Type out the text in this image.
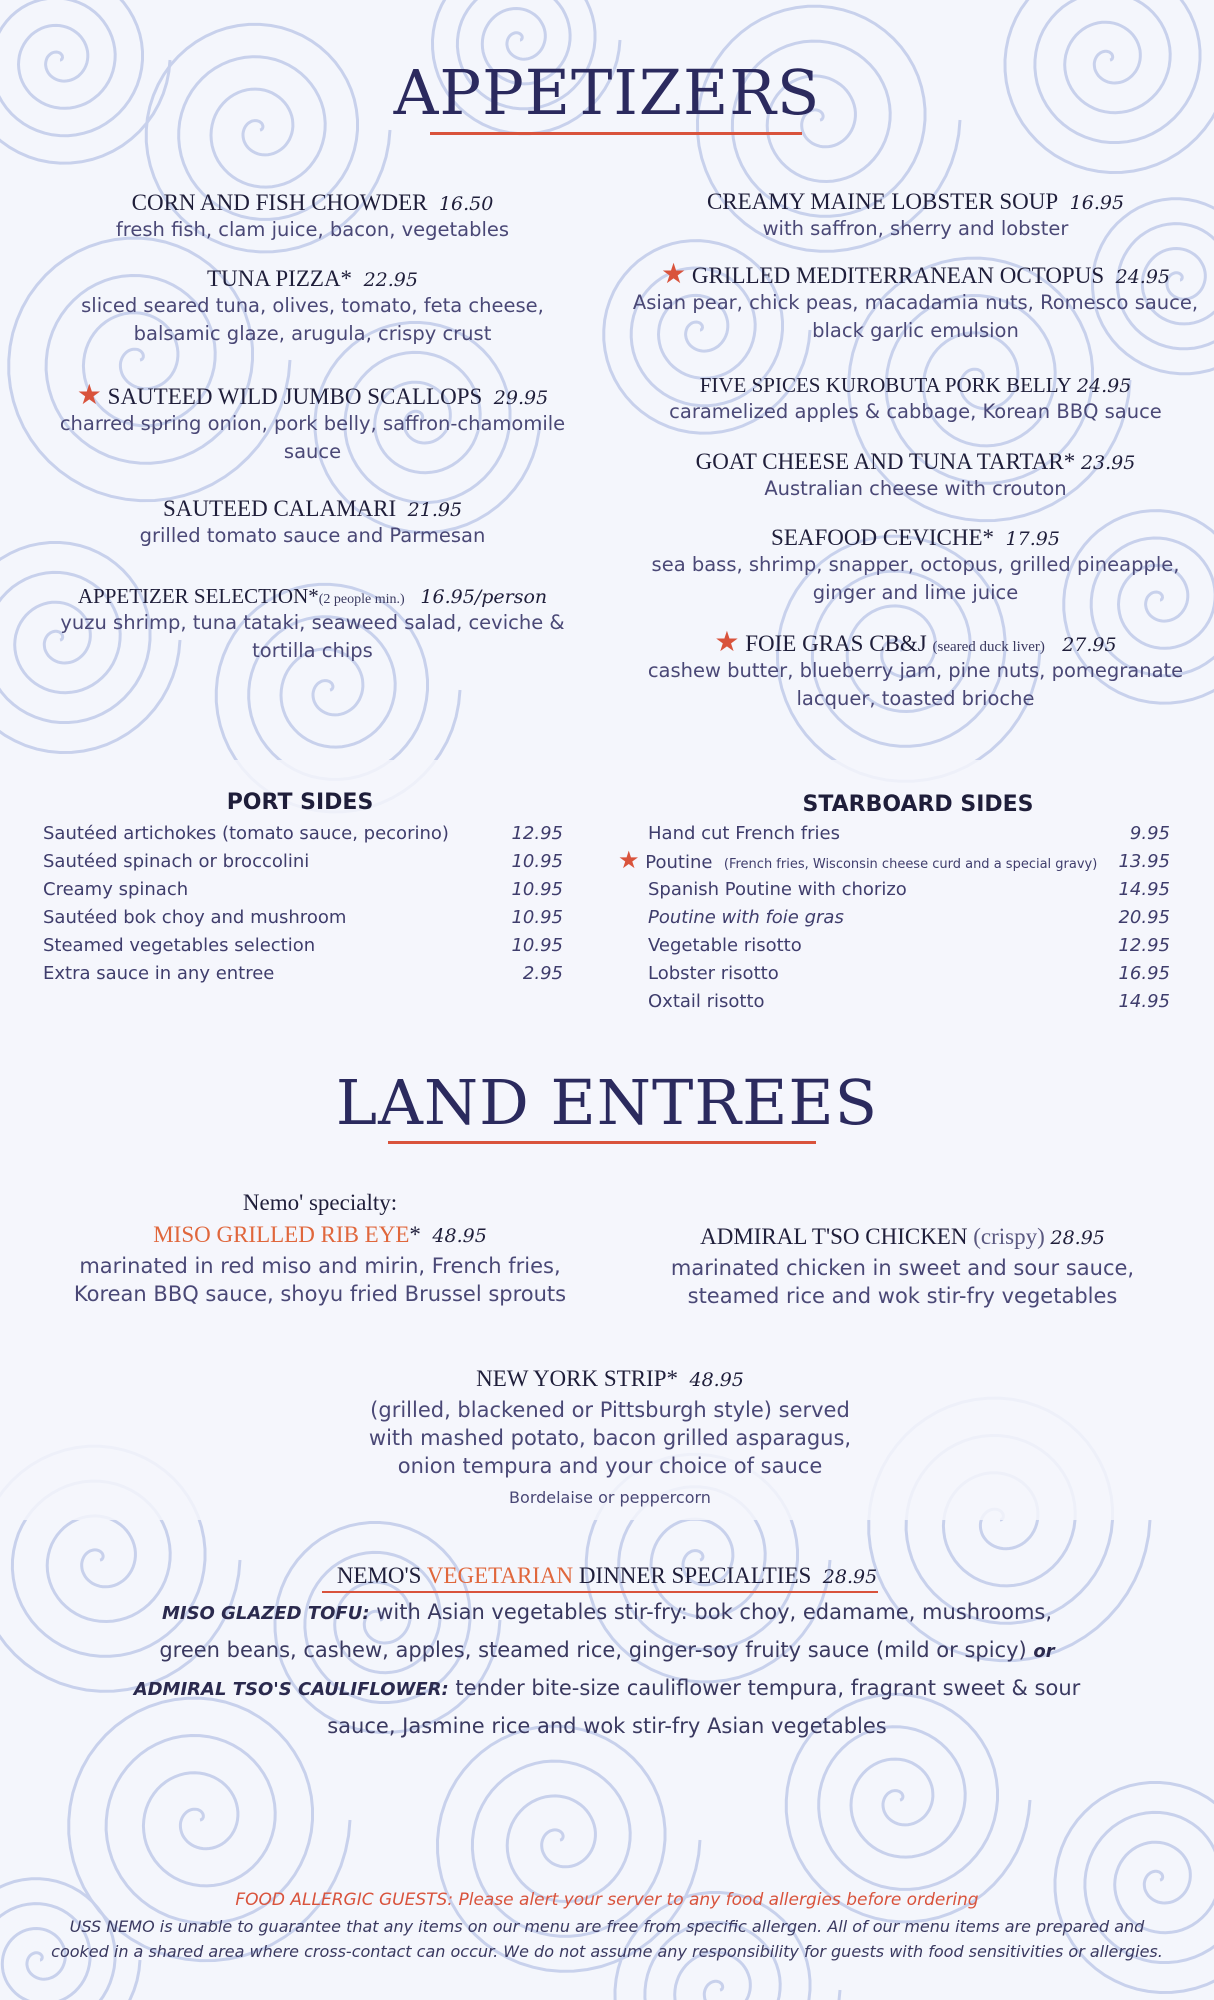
APPETIZERS
CORN AND FISH CHOWDER 16.50
fresh fish, clam juice, bacon, vegetables
TUNA PIZZA* 22.95
sliced seared tuna, olives, tomato, feta cheese,
balsamic glaze, arugula, crispy crust
★ SAUTEED WILD JUMBO SCALLOPS 29.95
charred spring onion, pork belly, saffron-chamomile
sauce
SAUTEED CALAMARI 21.95
grilled tomato sauce and Parmesan
APPETIZER SELECTION*(2 people min.) 16.95/person
yuzu shrimp, tuna tataki, seaweed salad, ceviche &
tortilla chips
CREAMY MAINE LOBSTER SOUP 16.95
with saffron, sherry and lobster
★ GRILLED MEDITERRANEAN OCTOPUS 24.95
Asian pear, chick peas, macadamia nuts, Romesco sauce,
black garlic emulsion
FIVE SPICES KUROBUTA PORK BELLY 24.95
caramelized apples & cabbage, Korean BBQ sauce
GOAT CHEESE AND TUNA TARTAR* 23.95
Australian cheese with crouton
SEAFOOD CEVICHE* 17.95
sea bass, shrimp, snapper, octopus, grilled pineapple,
ginger and lime juice
★ FOIE GRAS CB&J (seared duck liver) 27.95
cashew butter, blueberry jam, pine nuts, pomegranate
lacquer, toasted brioche
PORT SIDES
Sautéed artichokes (tomato sauce, pecorino)	12.95
Sautéed spinach or broccolini	10.95
Creamy spinach	10.95
Sautéed bok choy and mushroom	10.95
Steamed vegetables selection	10.95
Extra sauce in any entree	2.95
STARBOARD SIDES
Hand cut French fries	9.95
★ Poutine (French fries, Wisconsin cheese curd and a special gravy)	13.95
Spanish Poutine with chorizo	14.95
Poutine with foie gras	20.95
Vegetable risotto	12.95
Lobster risotto	16.95
Oxtail risotto	14.95
LAND ENTREES
Nemo' specialty:
MISO GRILLED RIB EYE* 48.95
marinated in red miso and mirin, French fries,
Korean BBQ sauce, shoyu fried Brussel sprouts
ADMIRAL T'SO CHICKEN (crispy) 28.95
marinated chicken in sweet and sour sauce,
steamed rice and wok stir-fry vegetables
NEW YORK STRIP* 48.95
(grilled, blackened or Pittsburgh style) served
with mashed potato, bacon grilled asparagus,
onion tempura and your choice of sauce
Bordelaise or peppercorn
NEMO'S VEGETARIAN DINNER SPECIALTIES 28.95
MISO GLAZED TOFU: with Asian vegetables stir-fry: bok choy, edamame, mushrooms,
green beans, cashew, apples, steamed rice, ginger-soy fruity sauce (mild or spicy) or
ADMIRAL TSO'S CAULIFLOWER: tender bite-size cauliflower tempura, fragrant sweet & sour
sauce, Jasmine rice and wok stir-fry Asian vegetables
FOOD ALLERGIC GUESTS: Please alert your server to any food allergies before ordering
USS NEMO is unable to guarantee that any items on our menu are free from specific allergen. All of our menu items are prepared and
cooked in a shared area where cross-contact can occur. We do not assume any responsibility for guests with food sensitivities or allergies.
